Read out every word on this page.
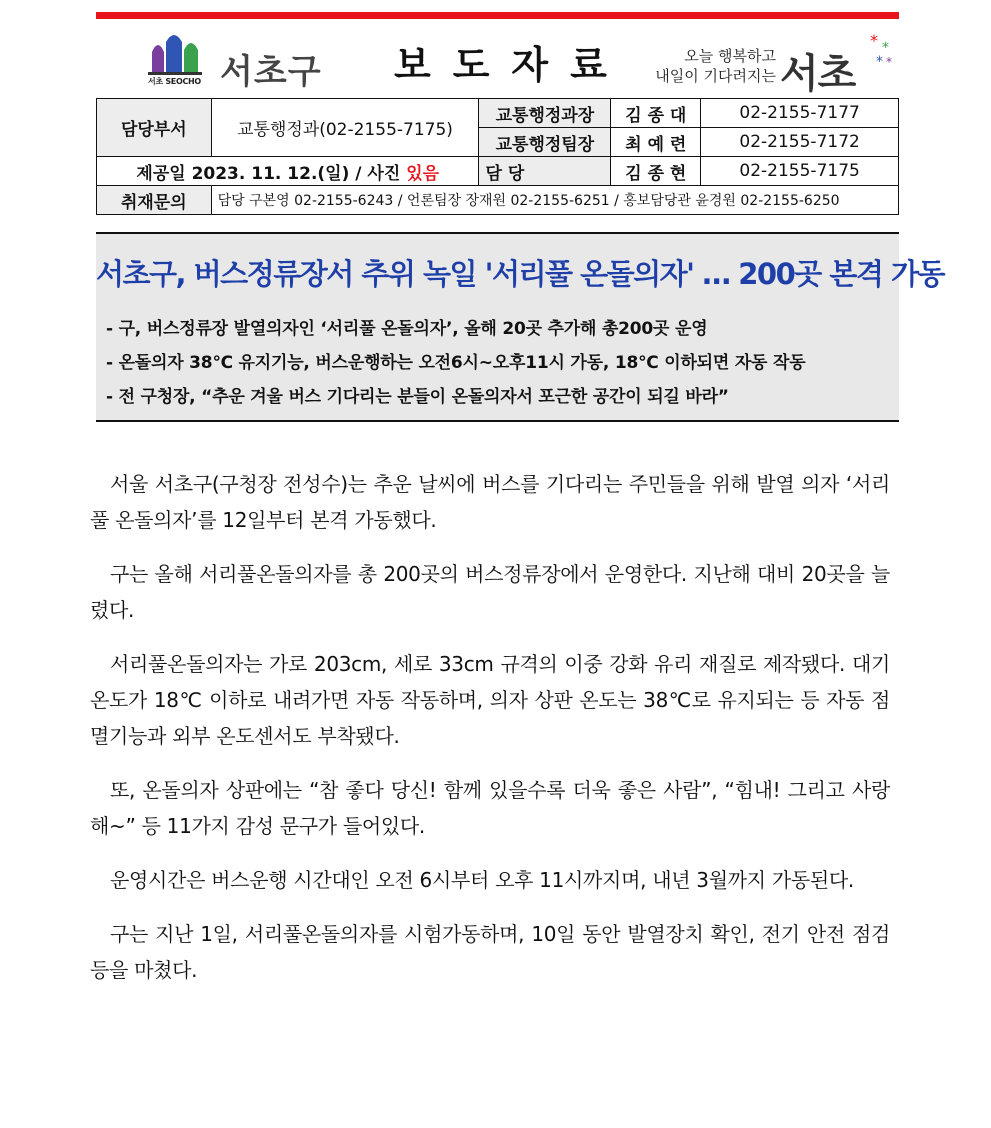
서초 SEOCHO 서초구 보도자료	오늘 행복하고
내일이 기다려지는 서초
* *
* *
담당부서	교통행정과(02-2155-7175)	교통행정과장	김 종 대	02-2155-7177
		교통행정팀장	최 예 련	02-2155-7172
제공일 2023. 11. 12.(일) / 사진 있음		담당	김 종 현	02-2155-7175
취재문의	담당 구본영 02-2155-6243 / 언론팀장 장재원 02-2155-6251 / 홍보담당관 윤경원 02-2155-6250			
서초구, 버스정류장서 추위 녹일 '서리풀 온돌의자' … 200곳 본격 가동
- 구, 버스정류장 발열의자인 ‘서리풀 온돌의자’, 올해 20곳 추가해 총200곳 운영
- 온돌의자 38℃ 유지기능, 버스운행하는 오전6시~오후11시 가동, 18℃ 이하되면 자동 작동
- 전 구청장, “추운 겨울 버스 기다리는 분들이 온돌의자서 포근한 공간이 되길 바라”

서울 서초구(구청장 전성수)는 추운 날씨에 버스를 기다리는 주민들을 위해 발열 의자 ‘서리풀 온돌의자’를 12일부터 본격 가동했다.

구는 올해 서리풀온돌의자를 총 200곳의 버스정류장에서 운영한다. 지난해 대비 20곳을 늘렸다.

서리풀온돌의자는 가로 203cm, 세로 33cm 규격의 이중 강화 유리 재질로 제작됐다. 대기 온도가 18℃ 이하로 내려가면 자동 작동하며, 의자 상판 온도는 38℃로 유지되는 등 자동 점멸기능과 외부 온도센서도 부착됐다.

또, 온돌의자 상판에는 “참 좋다 당신! 함께 있을수록 더욱 좋은 사람”, “힘내! 그리고 사랑해~” 등 11가지 감성 문구가 들어있다.

운영시간은 버스운행 시간대인 오전 6시부터 오후 11시까지며, 내년 3월까지 가동된다.

구는 지난 1일, 서리풀온돌의자를 시험가동하며, 10일 동안 발열장치 확인, 전기 안전 점검 등을 마쳤다.
